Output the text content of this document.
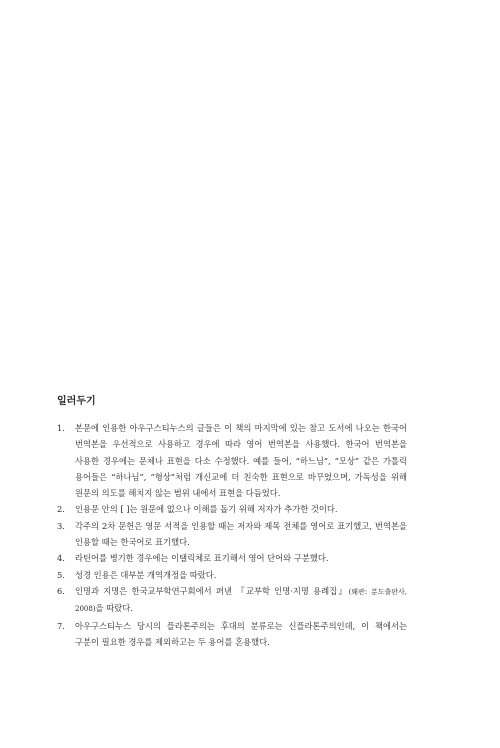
일러두기
1.	본문에 인용한 아우구스티누스의 글들은 이 책의 마지막에 있는 참고 도서에 나오는 한국어 번역본을 우선적으로 사용하고 경우에 따라 영어 번역본을 사용했다. 한국어 번역본을 사용한 경우에는 문체나 표현을 다소 수정했다. 예를 들어, “하느님”, “모상” 같은 가톨릭 용어들은 “하나님”, “형상”처럼 개신교에 더 친숙한 표현으로 바꾸었으며, 가독성을 위해 원문의 의도를 해치지 않는 범위 내에서 표현을 다듬었다.
2.	인용문 안의 [ ]는 원문에 없으나 이해를 돕기 위해 저자가 추가한 것이다.
3.	각주의 2차 문헌은 영문 서적을 인용할 때는 저자와 제목 전체를 영어로 표기했고, 번역본을 인용할 때는 한국어로 표기했다.
4.	라틴어를 병기한 경우에는 이탤릭체로 표기해서 영어 단어와 구분했다.
5.	성경 인용은 대부분 개역개정을 따랐다.
6.	인명과 지명은 한국교부학연구회에서 펴낸 『교부학 인명·지명 용례집』(왜관: 분도출판사, 2008)을 따랐다.
7.	아우구스티누스 당시의 플라톤주의는 후대의 분류로는 신플라톤주의인데, 이 책에서는 구분이 필요한 경우를 제외하고는 두 용어를 혼용했다.
